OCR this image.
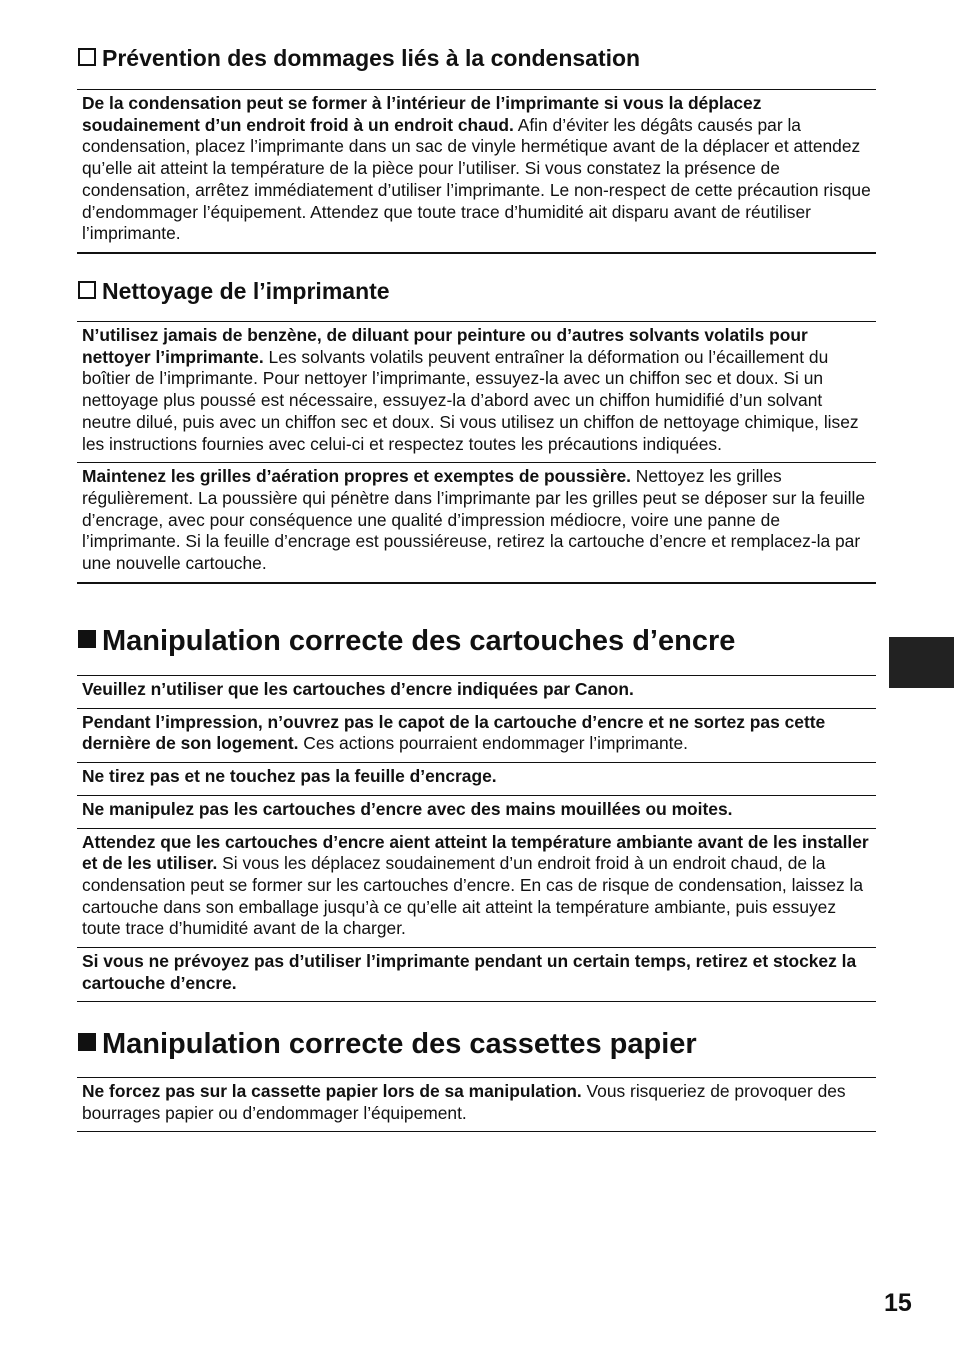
Prévention des dommages liés à la condensation
De la condensation peut se former à l’intérieur de l’imprimante si vous la déplacez soudainement d’un endroit froid à un endroit chaud. Afin d’éviter les dégâts causés par la condensation, placez l’imprimante dans un sac de vinyle hermétique avant de la déplacer et attendez qu’elle ait atteint la température de la pièce pour l’utiliser. Si vous constatez la présence de condensation, arrêtez immédiatement d’utiliser l’imprimante. Le non-respect de cette précaution risque d’endommager l’équipement. Attendez que toute trace d’humidité ait disparu avant de réutiliser l’imprimante.
Nettoyage de l’imprimante
N’utilisez jamais de benzène, de diluant pour peinture ou d’autres solvants volatils pour nettoyer l’imprimante. Les solvants volatils peuvent entraîner la déformation ou l’écaillement du boîtier de l’imprimante. Pour nettoyer l’imprimante, essuyez-la avec un chiffon sec et doux. Si un nettoyage plus poussé est nécessaire, essuyez-la d’abord avec un chiffon humidifié d’un solvant neutre dilué, puis avec un chiffon sec et doux. Si vous utilisez un chiffon de nettoyage chimique, lisez les instructions fournies avec celui-ci et respectez toutes les précautions indiquées.
Maintenez les grilles d’aération propres et exemptes de poussière. Nettoyez les grilles régulièrement. La poussière qui pénètre dans l’imprimante par les grilles peut se déposer sur la feuille d’encrage, avec pour conséquence une qualité d’impression médiocre, voire une panne de l’imprimante. Si la feuille d’encrage est poussiéreuse, retirez la cartouche d’encre et remplacez-la par une nouvelle cartouche.
Manipulation correcte des cartouches d’encre
Veuillez n’utiliser que les cartouches d’encre indiquées par Canon.
Pendant l’impression, n’ouvrez pas le capot de la cartouche d’encre et ne sortez pas cette dernière de son logement. Ces actions pourraient endommager l’imprimante.
Ne tirez pas et ne touchez pas la feuille d’encrage.
Ne manipulez pas les cartouches d’encre avec des mains mouillées ou moites.
Attendez que les cartouches d’encre aient atteint la température ambiante avant de les installer et de les utiliser. Si vous les déplacez soudainement d’un endroit froid à un endroit chaud, de la condensation peut se former sur les cartouches d’encre. En cas de risque de condensation, laissez la cartouche dans son emballage jusqu’à ce qu’elle ait atteint la température ambiante, puis essuyez toute trace d’humidité avant de la charger.
Si vous ne prévoyez pas d’utiliser l’imprimante pendant un certain temps, retirez et stockez la cartouche d’encre.
Manipulation correcte des cassettes papier
Ne forcez pas sur la cassette papier lors de sa manipulation. Vous risqueriez de provoquer des bourrages papier ou d’endommager l’équipement.
15
